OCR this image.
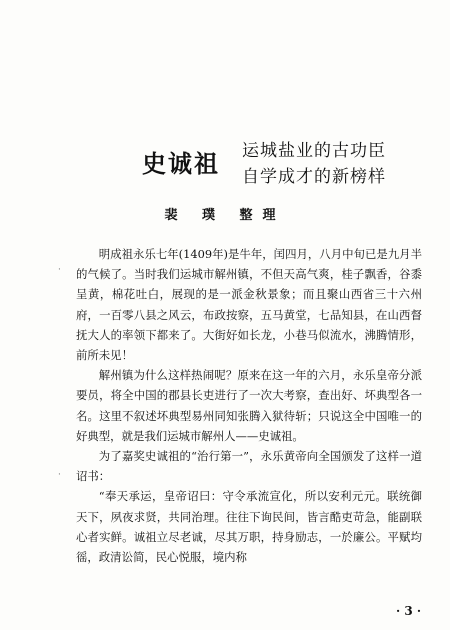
史诚祖 运城盐业的古功臣
自学成才的新榜样
裴 璞 整理
·
·

明成祖永乐七年(1409年)是牛年，闰四月，八月中旬已是九月半的气候了。当时我们运城市解州镇，不但天高气爽，桂子飘香，谷黍呈黄，棉花吐白，展现的是一派金秋景象；而且聚山西省三十六州府，一百零八县之风云，布政按察，五马黄堂，七品知县，在山西督抚大人的率领下都来了。大街好如长龙，小巷马似流水，沸腾情形，前所未见！

解州镇为什么这样热闹呢？原来在这一年的六月，永乐皇帝分派要员，将全中国的郡县长吏进行了一次大考察，查出好、坏典型各一名。这里不叙述坏典型易州同知张腾入狱待斩；只说这全中国唯一的好典型，就是我们运城市解州人——史诚祖。

为了嘉奖史诚祖的“治行第一”，永乐黄帝向全国颁发了这样一道诏书：

“奉天承运，皇帝诏曰：守令承流宣化，所以安利元元。联统御天下，夙夜求贤，共同治理。往往下询民间，皆言酷吏苛急，能副联心者实鲜。诚祖立尽老诚，尽其万职，持身励志，一於廉公。平赋均徭，政清讼简，民心悦服，境内称

· 3 ·
